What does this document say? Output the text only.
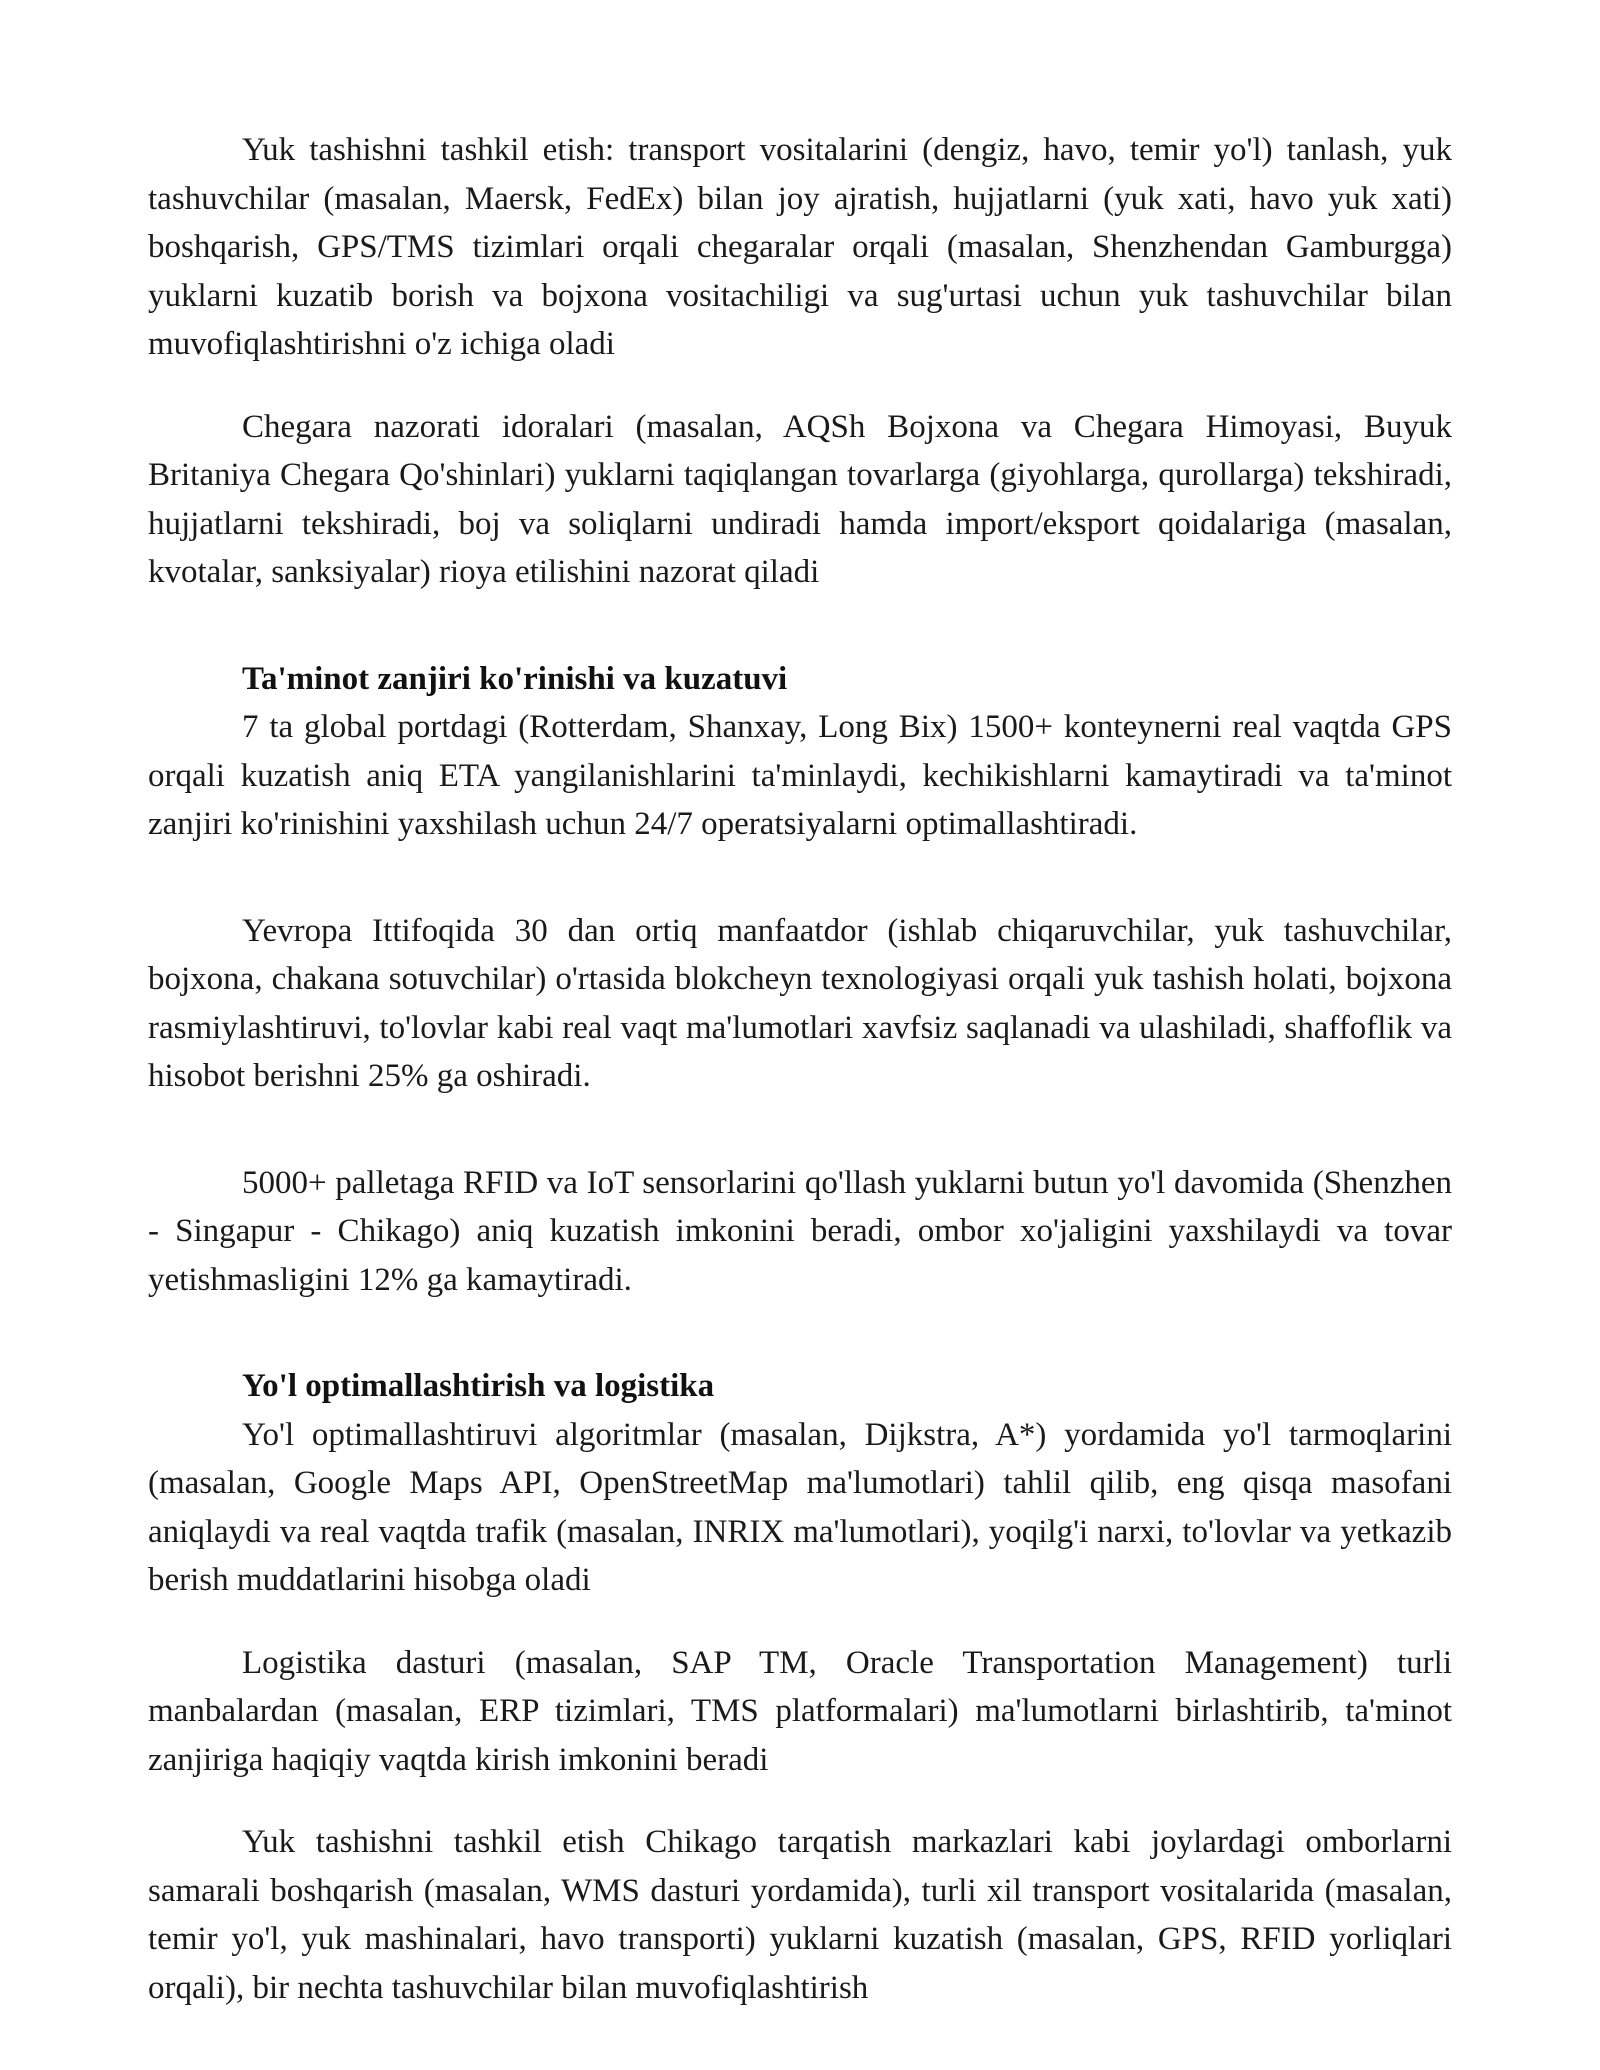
Yuk tashishni tashkil etish: transport vositalarini (dengiz, havo, temir yo'l) tanlash, yuk tashuvchilar (masalan, Maersk, FedEx) bilan joy ajratish, hujjatlarni (yuk xati, havo yuk xati) boshqarish, GPS/TMS tizimlari orqali chegaralar orqali (masalan, Shenzhendan Gamburgga) yuklarni kuzatib borish va bojxona vositachiligi va sug'urtasi uchun yuk tashuvchilar bilan muvofiqlashtirishni o'z ichiga oladi

Chegara nazorati idoralari (masalan, AQSh Bojxona va Chegara Himoyasi, Buyuk Britaniya Chegara Qo'shinlari) yuklarni taqiqlangan tovarlarga (giyohlarga, qurollarga) tekshiradi, hujjatlarni tekshiradi, boj va soliqlarni undiradi hamda import/eksport qoidalariga (masalan, kvotalar, sanksiyalar) rioya etilishini nazorat qiladi

Ta'minot zanjiri ko'rinishi va kuzatuvi

7 ta global portdagi (Rotterdam, Shanxay, Long Bix) 1500+ konteynerni real vaqtda GPS orqali kuzatish aniq ETA yangilanishlarini ta'minlaydi, kechikishlarni kamaytiradi va ta'minot zanjiri ko'rinishini yaxshilash uchun 24/7 operatsiyalarni optimallashtiradi.

Yevropa Ittifoqida 30 dan ortiq manfaatdor (ishlab chiqaruvchilar, yuk tashuvchilar, bojxona, chakana sotuvchilar) o'rtasida blokcheyn texnologiyasi orqali yuk tashish holati, bojxona rasmiylashtiruvi, to'lovlar kabi real vaqt ma'lumotlari xavfsiz saqlanadi va ulashiladi, shaffoflik va hisobot berishni 25% ga oshiradi.

5000+ palletaga RFID va IoT sensorlarini qo'llash yuklarni butun yo'l davomida (Shenzhen - Singapur - Chikago) aniq kuzatish imkonini beradi, ombor xo'jaligini yaxshilaydi va tovar yetishmasligini 12% ga kamaytiradi.

Yo'l optimallashtirish va logistika

Yo'l optimallashtiruvi algoritmlar (masalan, Dijkstra, A*) yordamida yo'l tarmoqlarini (masalan, Google Maps API, OpenStreetMap ma'lumotlari) tahlil qilib, eng qisqa masofani aniqlaydi va real vaqtda trafik (masalan, INRIX ma'lumotlari), yoqilg'i narxi, to'lovlar va yetkazib berish muddatlarini hisobga oladi

Logistika dasturi (masalan, SAP TM, Oracle Transportation Management) turli manbalardan (masalan, ERP tizimlari, TMS platformalari) ma'lumotlarni birlashtirib, ta'minot zanjiriga haqiqiy vaqtda kirish imkonini beradi

Yuk tashishni tashkil etish Chikago tarqatish markazlari kabi joylardagi omborlarni samarali boshqarish (masalan, WMS dasturi yordamida), turli xil transport vositalarida (masalan, temir yo'l, yuk mashinalari, havo transporti) yuklarni kuzatish (masalan, GPS, RFID yorliqlari orqali), bir nechta tashuvchilar bilan muvofiqlashtirish
